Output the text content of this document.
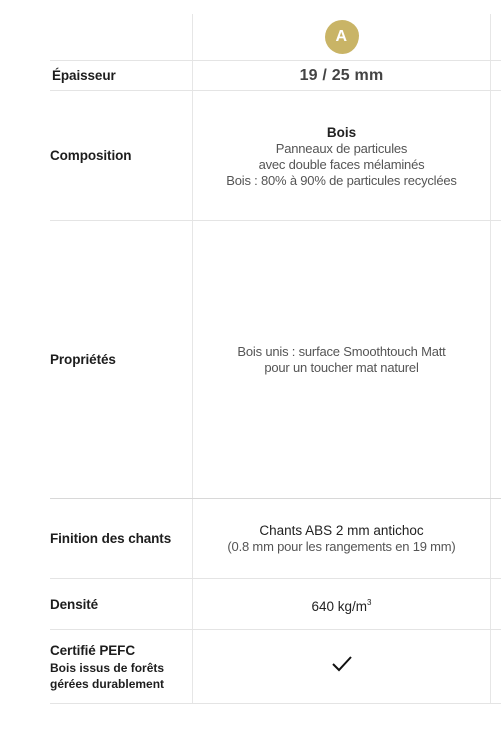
A
Épaisseur	19 / 25 mm
Composition
Bois
Panneaux de particules
avec double faces mélaminés
Bois : 80% à 90% de particules recyclées
Propriétés
Bois unis : surface Smoothtouch Matt
pour un toucher mat naturel
Finition des chants
Chants ABS 2 mm antichoc
(0.8 mm pour les rangements en 19 mm)
Densité	640 $kg/m^3$
Certifié PEFC
Bois issus de forêts
gérées durablement
